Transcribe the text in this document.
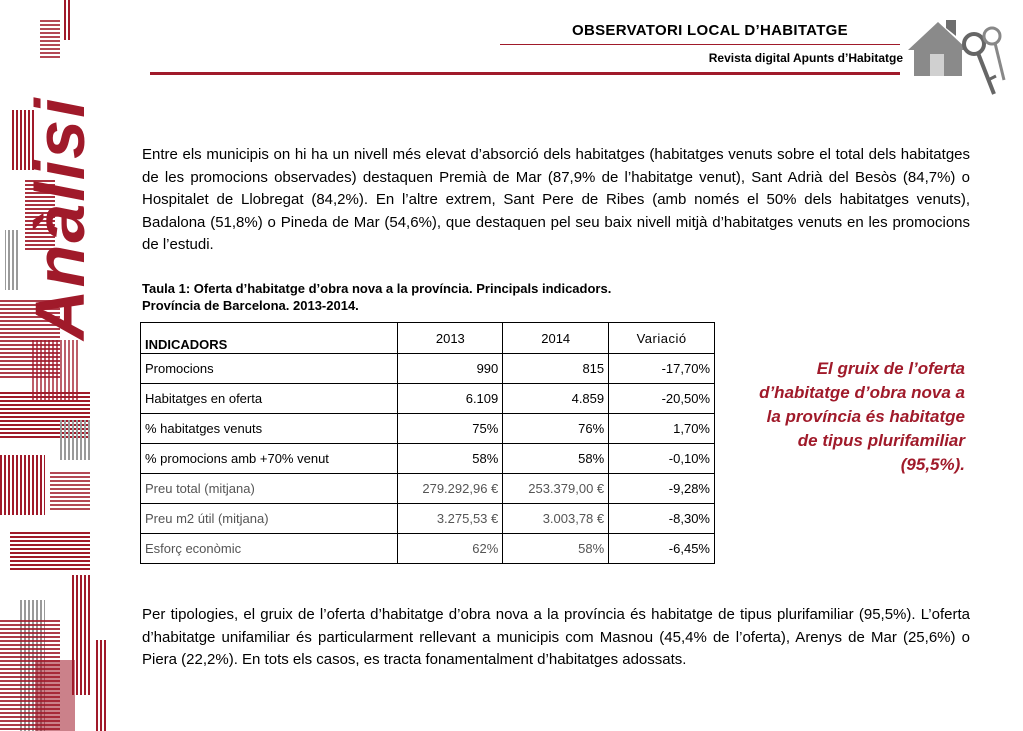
Anàlisi
OBSERVATORI LOCAL D’HABITATGE
Revista digital Apunts d’Habitatge
Entre els municipis on hi ha un nivell més elevat d’absorció dels habitatges (habitatges venuts sobre el total dels habitatges de les promocions observades) destaquen Premià de Mar (87,9% de l’habitatge venut), Sant Adrià del Besòs (84,7%) o Hospitalet de Llobregat (84,2%). En l’altre extrem, Sant Pere de Ribes (amb només el 50% dels habitatges venuts), Badalona (51,8%) o Pineda de Mar (54,6%), que destaquen pel seu baix nivell mitjà d’habitatges venuts en les promocions de l’estudi.
Taula 1: Oferta d’habitatge d’obra nova a la província. Principals indicadors.
Província de Barcelona. 2013-2014.
INDICADORS	2013	2014	Variació
Promocions	990	815	-17,70%
Habitatges en oferta	6.109	4.859	-20,50%
% habitatges venuts	75%	76%	1,70%
% promocions amb +70% venut	58%	58%	-0,10%
Preu total (mitjana)	279.292,96 €	253.379,00 €	-9,28%
Preu m2 útil (mitjana)	3.275,53 €	3.003,78 €	-8,30%
Esforç econòmic	62%	58%	-6,45%
El gruix de l’oferta d’habitatge d’obra nova a la província és habitatge de tipus plurifamiliar (95,5%).
Per tipologies, el gruix de l’oferta d’habitatge d’obra nova a la província és habitatge de tipus plurifamiliar (95,5%). L’oferta d’habitatge unifamiliar és particularment rellevant a municipis com Masnou (45,4% de l’oferta), Arenys de Mar (25,6%) o Piera (22,2%). En tots els casos, es tracta fonamentalment d’habitatges adossats.
